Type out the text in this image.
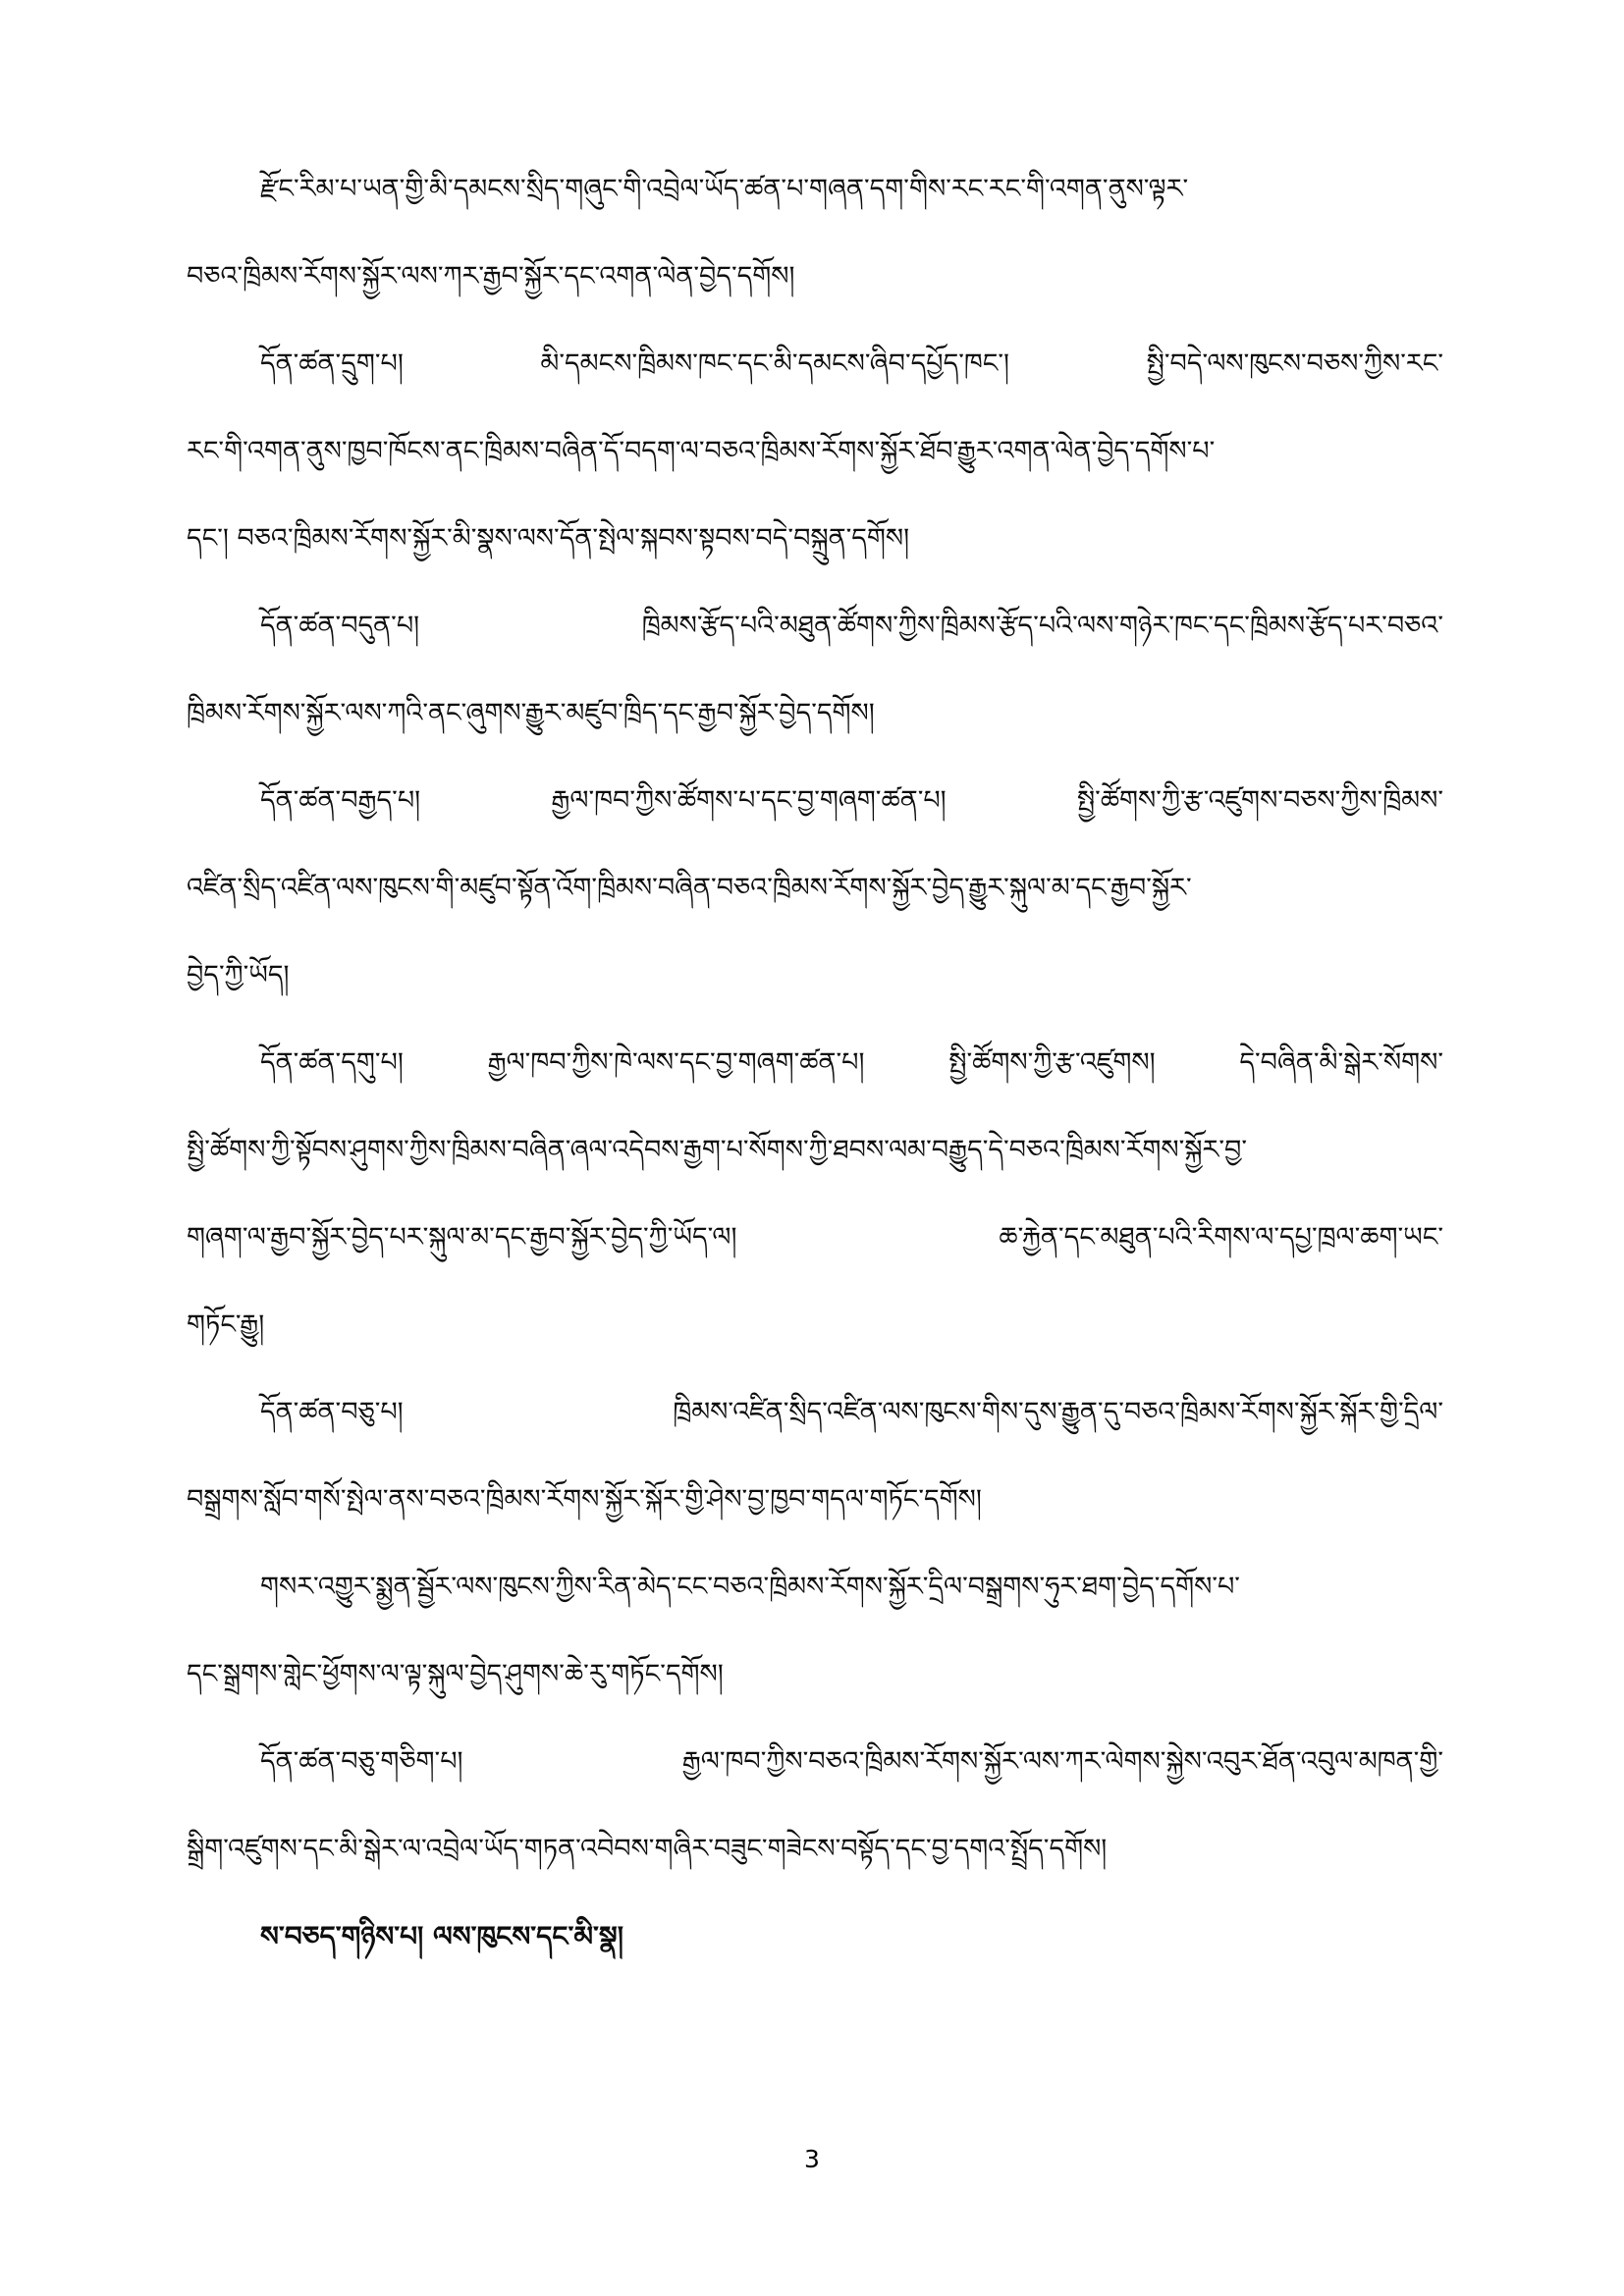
རྫོང་རིམ་པ་ཡན་གྱི་མི་དམངས་སྲིད་གཞུང་གི་འབྲེལ་ཡོད་ཚན་པ་གཞན་དག་གིས་རང་རང་གི་འགན་ནུས་ལྟར་
བཅའ་ཁྲིམས་རོགས་སྐྱོར་ལས་ཀར་རྒྱབ་སྐྱོར་དང་འགན་ལེན་བྱེད་དགོས།
དོན་ཚན་དྲུག་པ། མི་དམངས་ཁྲིམས་ཁང་དང་མི་དམངས་ཞིབ་དཔྱོད་ཁང་། སྤྱི་བདེ་ལས་ཁུངས་བཅས་ཀྱིས་རང་
རང་གི་འགན་ནུས་ཁྱབ་ཁོངས་ནང་ཁྲིམས་བཞིན་དོ་བདག་ལ་བཅའ་ཁྲིམས་རོགས་སྐྱོར་ཐོབ་རྒྱུར་འགན་ལེན་བྱེད་དགོས་པ་
དང་། བཅའ་ཁྲིམས་རོགས་སྐྱོར་མི་སྣས་ལས་དོན་སྤེལ་སྐབས་སྟབས་བདེ་བསྐྲུན་དགོས།
དོན་ཚན་བདུན་པ། ཁྲིམས་རྩོད་པའི་མཐུན་ཚོགས་ཀྱིས་ཁྲིམས་རྩོད་པའི་ལས་གཉེར་ཁང་དང་ཁྲིམས་རྩོད་པར་བཅའ་
ཁྲིམས་རོགས་སྐྱོར་ལས་ཀའི་ནང་ཞུགས་རྒྱུར་མཛུབ་ཁྲིད་དང་རྒྱབ་སྐྱོར་བྱེད་དགོས།
དོན་ཚན་བརྒྱད་པ། རྒྱལ་ཁབ་ཀྱིས་ཚོགས་པ་དང་བྱ་གཞག་ཚན་པ། སྤྱི་ཚོགས་ཀྱི་རྩ་འཛུགས་བཅས་ཀྱིས་ཁྲིམས་
འཛིན་སྲིད་འཛིན་ལས་ཁུངས་གི་མཛུབ་སྟོན་འོག་ཁྲིམས་བཞིན་བཅའ་ཁྲིམས་རོགས་སྐྱོར་བྱེད་རྒྱུར་སྐུལ་མ་དང་རྒྱབ་སྐྱོར་
བྱེད་ཀྱི་ཡོད།
དོན་ཚན་དགུ་པ། རྒྱལ་ཁབ་ཀྱིས་ཁེ་ལས་དང་བྱ་གཞག་ཚན་པ། སྤྱི་ཚོགས་ཀྱི་རྩ་འཛུགས། དེ་བཞིན་མི་སྒེར་སོགས་
སྤྱི་ཚོགས་ཀྱི་སྟོབས་ཤུགས་ཀྱིས་ཁྲིམས་བཞིན་ཞལ་འདེབས་རྒྱག་པ་སོགས་ཀྱི་ཐབས་ལམ་བརྒྱུད་དེ་བཅའ་ཁྲིམས་རོགས་སྐྱོར་བྱ་
གཞག་ལ་རྒྱབ་སྐྱོར་བྱེད་པར་སྐུལ་མ་དང་རྒྱབ་སྐྱོར་བྱེད་ཀྱི་ཡོད་ལ། ཆ་རྐྱེན་དང་མཐུན་པའི་རིགས་ལ་དཔྱ་ཁྲལ་ཆག་ཡང་
གཏོང་རྒྱུ།
དོན་ཚན་བཅུ་པ། ཁྲིམས་འཛིན་སྲིད་འཛིན་ལས་ཁུངས་གིས་དུས་རྒྱུན་དུ་བཅའ་ཁྲིམས་རོགས་སྐྱོར་སྐོར་གྱི་དྲིལ་
བསྒྲགས་སློབ་གསོ་སྤེལ་ནས་བཅའ་ཁྲིམས་རོགས་སྐྱོར་སྐོར་གྱི་ཤེས་བྱ་ཁྱབ་གདལ་གཏོང་དགོས།
གསར་འགྱུར་སྨྱན་སྦྱོར་ལས་ཁུངས་ཀྱིས་རིན་མེད་ངང་བཅའ་ཁྲིམས་རོགས་སྐྱོར་དྲིལ་བསྒྲགས་ཧུར་ཐག་བྱེད་དགོས་པ་
དང་སྒྲགས་གླེང་ཕྱོགས་ལ་ལྟ་སྐུལ་བྱེད་ཤུགས་ཆེ་རུ་གཏོང་དགོས།
དོན་ཚན་བཅུ་གཅིག་པ། རྒྱལ་ཁབ་ཀྱིས་བཅའ་ཁྲིམས་རོགས་སྐྱོར་ལས་ཀར་ལེགས་སྐྱེས་འབུར་ཐོན་འབུལ་མཁན་གྱི་
སྒྲིག་འཛུགས་དང་མི་སྒེར་ལ་འབྲེལ་ཡོད་གཏན་འབེབས་གཞིར་བཟུང་གཟེངས་བསྟོད་དང་བྱ་དགའ་སྤྲོད་དགོས།
ས་བཅད་གཉིས་པ། ལས་ཁུངས་དང་མི་སྣ།
3
